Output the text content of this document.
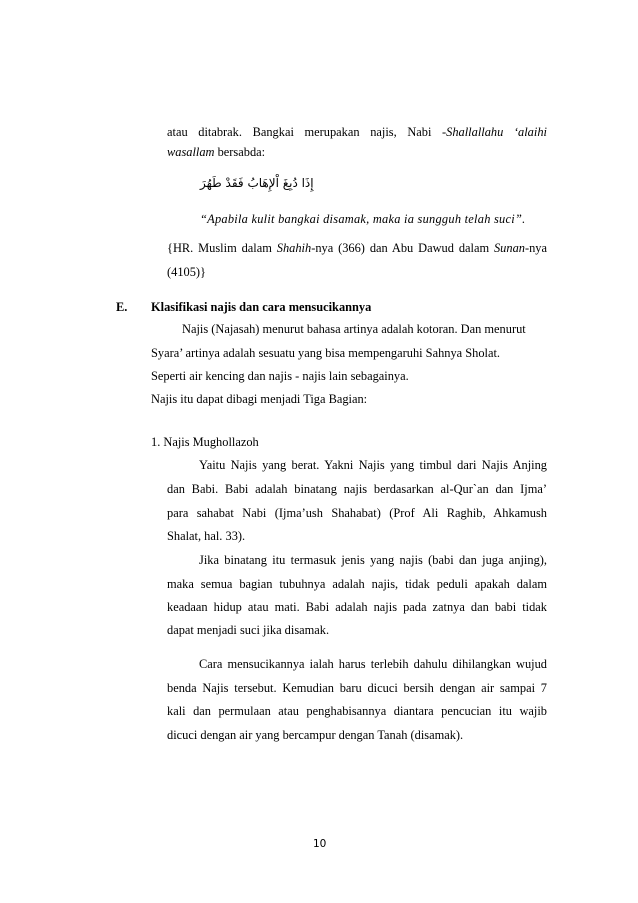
atau ditabrak. Bangkai merupakan najis, Nabi -Shallallahu ‘alaihi
wasallam bersabda:
إِذَا دُبِغَ اْلإِهَابُ فَقَدْ طَهُرَ
“Apabila kulit bangkai disamak, maka ia sungguh telah suci”.
{HR. Muslim dalam Shahih-nya (366) dan Abu Dawud dalam Sunan-nya
(4105)}
E. Klasifikasi najis dan cara mensucikannya
Najis (Najasah) menurut bahasa artinya adalah kotoran. Dan menurut
Syara’ artinya adalah sesuatu yang bisa mempengaruhi Sahnya Sholat.
Seperti air kencing dan najis - najis lain sebagainya.
Najis itu dapat dibagi menjadi Tiga Bagian:
1. Najis Mughollazoh
Yaitu Najis yang berat. Yakni Najis yang timbul dari Najis Anjing
dan Babi. Babi adalah binatang najis berdasarkan al-Qur`an dan Ijma’
para sahabat Nabi (Ijma’ush Shahabat) (Prof Ali Raghib, Ahkamush
Shalat, hal. 33).
Jika binatang itu termasuk jenis yang najis (babi dan juga anjing),
maka semua bagian tubuhnya adalah najis, tidak peduli apakah dalam
keadaan hidup atau mati. Babi adalah najis pada zatnya dan babi tidak
dapat menjadi suci jika disamak.
Cara mensucikannya ialah harus terlebih dahulu dihilangkan wujud
benda Najis tersebut. Kemudian baru dicuci bersih dengan air sampai 7
kali dan permulaan atau penghabisannya diantara pencucian itu wajib
dicuci dengan air yang bercampur dengan Tanah (disamak).
10
